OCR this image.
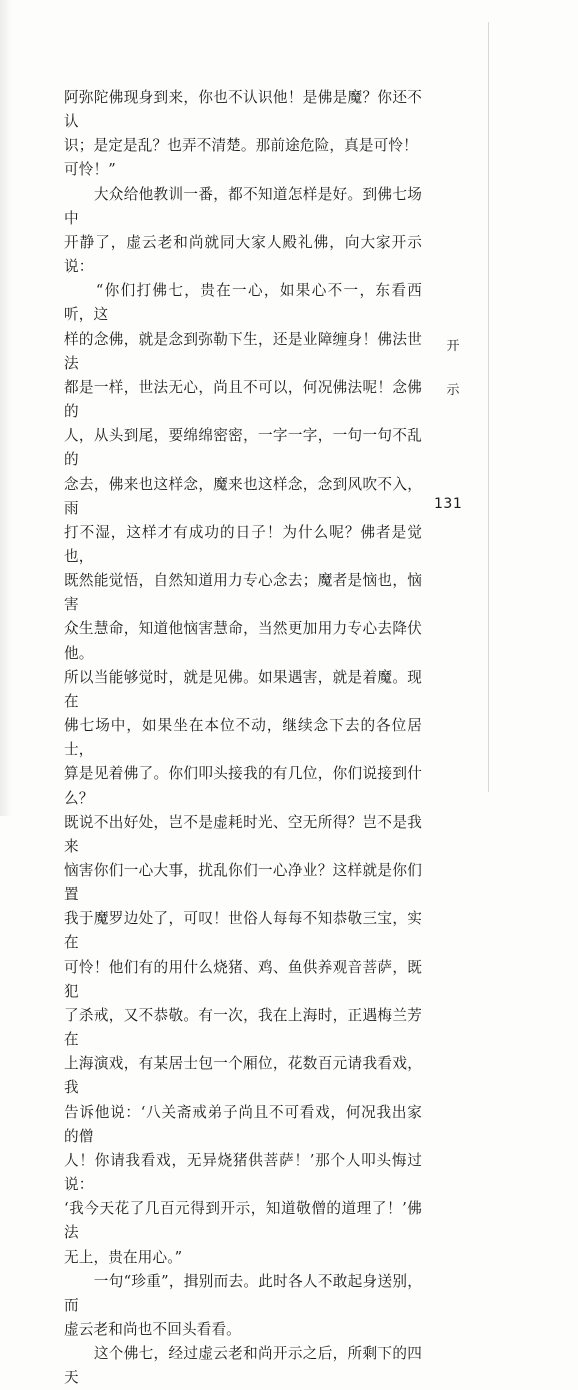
阿弥陀佛现身到来，你也不认识他！是佛是魔？你还不认
识；是定是乱？也弄不清楚。那前途危险，真是可怜！
可怜！”

　　大众给他教训一番，都不知道怎样是好。到佛七场中
开静了，虚云老和尚就同大家人殿礼佛，向大家开示说：

　　“你们打佛七，贵在一心，如果心不一，东看西听，这
样的念佛，就是念到弥勒下生，还是业障缠身！佛法世法
都是一样，世法无心，尚且不可以，何况佛法呢！念佛的
人，从头到尾，要绵绵密密，一字一字，一句一句不乱的
念去，佛来也这样念，魔来也这样念，念到风吹不入，雨
打不湿，这样才有成功的日子！为什么呢？佛者是觉也，
既然能觉悟，自然知道用力专心念去；魔者是恼也，恼害
众生慧命，知道他恼害慧命，当然更加用力专心去降伏他。
所以当能够觉时，就是见佛。如果遇害，就是着魔。现在
佛七场中，如果坐在本位不动，继续念下去的各位居士，
算是见着佛了。你们叩头接我的有几位，你们说接到什么？
既说不出好处，岂不是虚耗时光、空无所得？岂不是我来
恼害你们一心大事，扰乱你们一心净业？这样就是你们置
我于魔罗边处了，可叹！世俗人每每不知恭敬三宝，实在
可怜！他们有的用什么烧猪、鸡、鱼供养观音菩萨，既犯
了杀戒，又不恭敬。有一次，我在上海时，正遇梅兰芳在
上海演戏，有某居士包一个厢位，花数百元请我看戏，我
告诉他说：‘八关斋戒弟子尚且不可看戏，何况我出家的僧
人！你请我看戏，无异烧猪供菩萨！’那个人叩头悔过说：
‘我今天花了几百元得到开示，知道敬僧的道理了！’佛法
无上，贵在用心。”

　　一句“珍重”，揖别而去。此时各人不敢起身送别，而
虚云老和尚也不回头看看。

　　这个佛七，经过虚云老和尚开示之后，所剩下的四天

开
示
131
